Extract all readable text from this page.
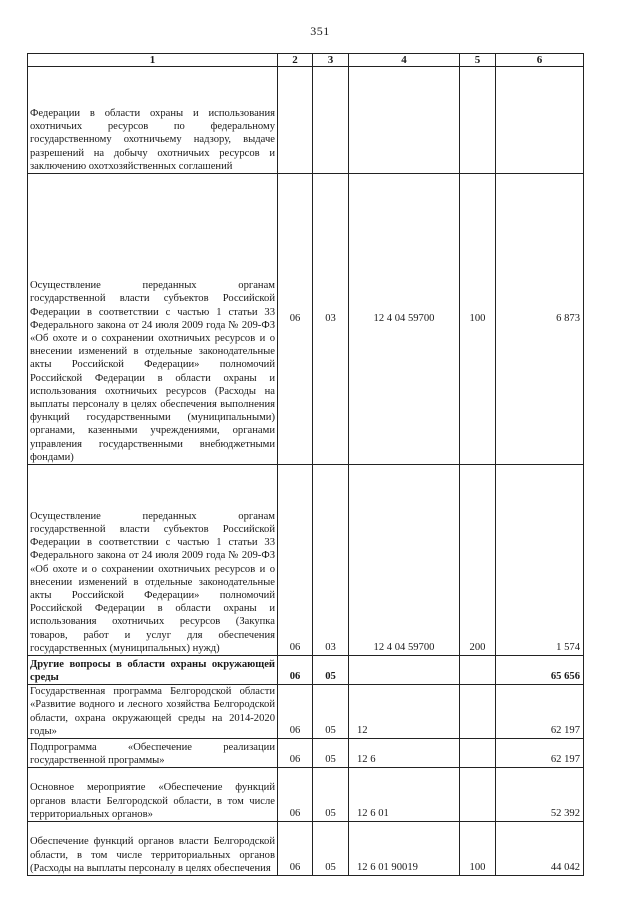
351
1	2	3	4	5	6
Федерации в области охраны и использования охотничьих ресурсов по федеральному государственному охотничьему надзору, выдаче разрешений на добычу охотничьих ресурсов и заключению охотхозяйственных соглашений					
Осуществление переданных органам государственной власти субъектов Российской Федерации в соответствии с частью 1 статьи 33 Федерального закона от 24 июля 2009 года № 209-ФЗ «Об охоте и о сохранении охотничьих ресурсов и о внесении изменений в отдельные законодательные акты Российской Федерации» полномочий Российской Федерации в области охраны и использования охотничьих ресурсов (Расходы на выплаты персоналу в целях обеспечения выполнения функций государственными (муниципальными) органами, казенными учреждениями, органами управления государственными внебюджетными фондами)	06	03	12 4 04 59700	100	6 873
Осуществление переданных органам государственной власти субъектов Российской Федерации в соответствии с частью 1 статьи 33 Федерального закона от 24 июля 2009 года № 209-ФЗ «Об охоте и о сохранении охотничьих ресурсов и о внесении изменений в отдельные законодательные акты Российской Федерации» полномочий Российской Федерации в области охраны и использования охотничьих ресурсов (Закупка товаров, работ и услуг для обеспечения государственных (муниципальных) нужд)	06	03	12 4 04 59700	200	1 574
Другие вопросы в области охраны окружающей среды	06	05			65 656
Государственная программа Белгородской области «Развитие водного и лесного хозяйства Белгородской области, охрана окружающей среды на 2014-2020 годы»	06	05	12		62 197
Подпрограмма «Обеспечение реализации государственной программы»	06	05	12 6		62 197
Основное мероприятие «Обеспечение функций органов власти Белгородской области, в том числе территориальных органов»	06	05	12 6 01		52 392
Обеспечение функций органов власти Белгородской области, в том числе территориальных органов (Расходы на выплаты персоналу в целях обеспечения	06	05	12 6 01 90019	100	44 042
